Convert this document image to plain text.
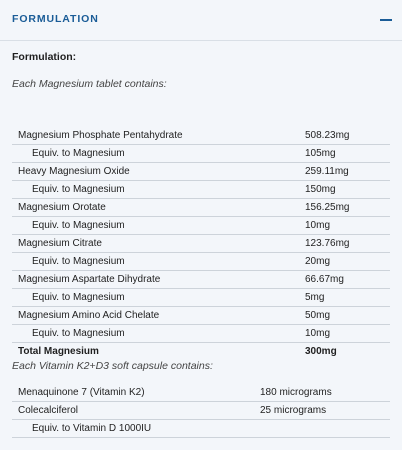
FORMULATION
Formulation:
Each Magnesium tablet contains:
Magnesium Phosphate Pentahydrate	508.23mg
Equiv. to Magnesium	105mg
Heavy Magnesium Oxide	259.11mg
Equiv. to Magnesium	150mg
Magnesium Orotate	156.25mg
Equiv. to Magnesium	10mg
Magnesium Citrate	123.76mg
Equiv. to Magnesium	20mg
Magnesium Aspartate Dihydrate	66.67mg
Equiv. to Magnesium	5mg
Magnesium Amino Acid Chelate	50mg
Equiv. to Magnesium	10mg
Total Magnesium	300mg
Each Vitamin K2+D3 soft capsule contains:
Menaquinone 7 (Vitamin K2)	180 micrograms
Colecalciferol	25 micrograms
Equiv. to Vitamin D 1000IU	
